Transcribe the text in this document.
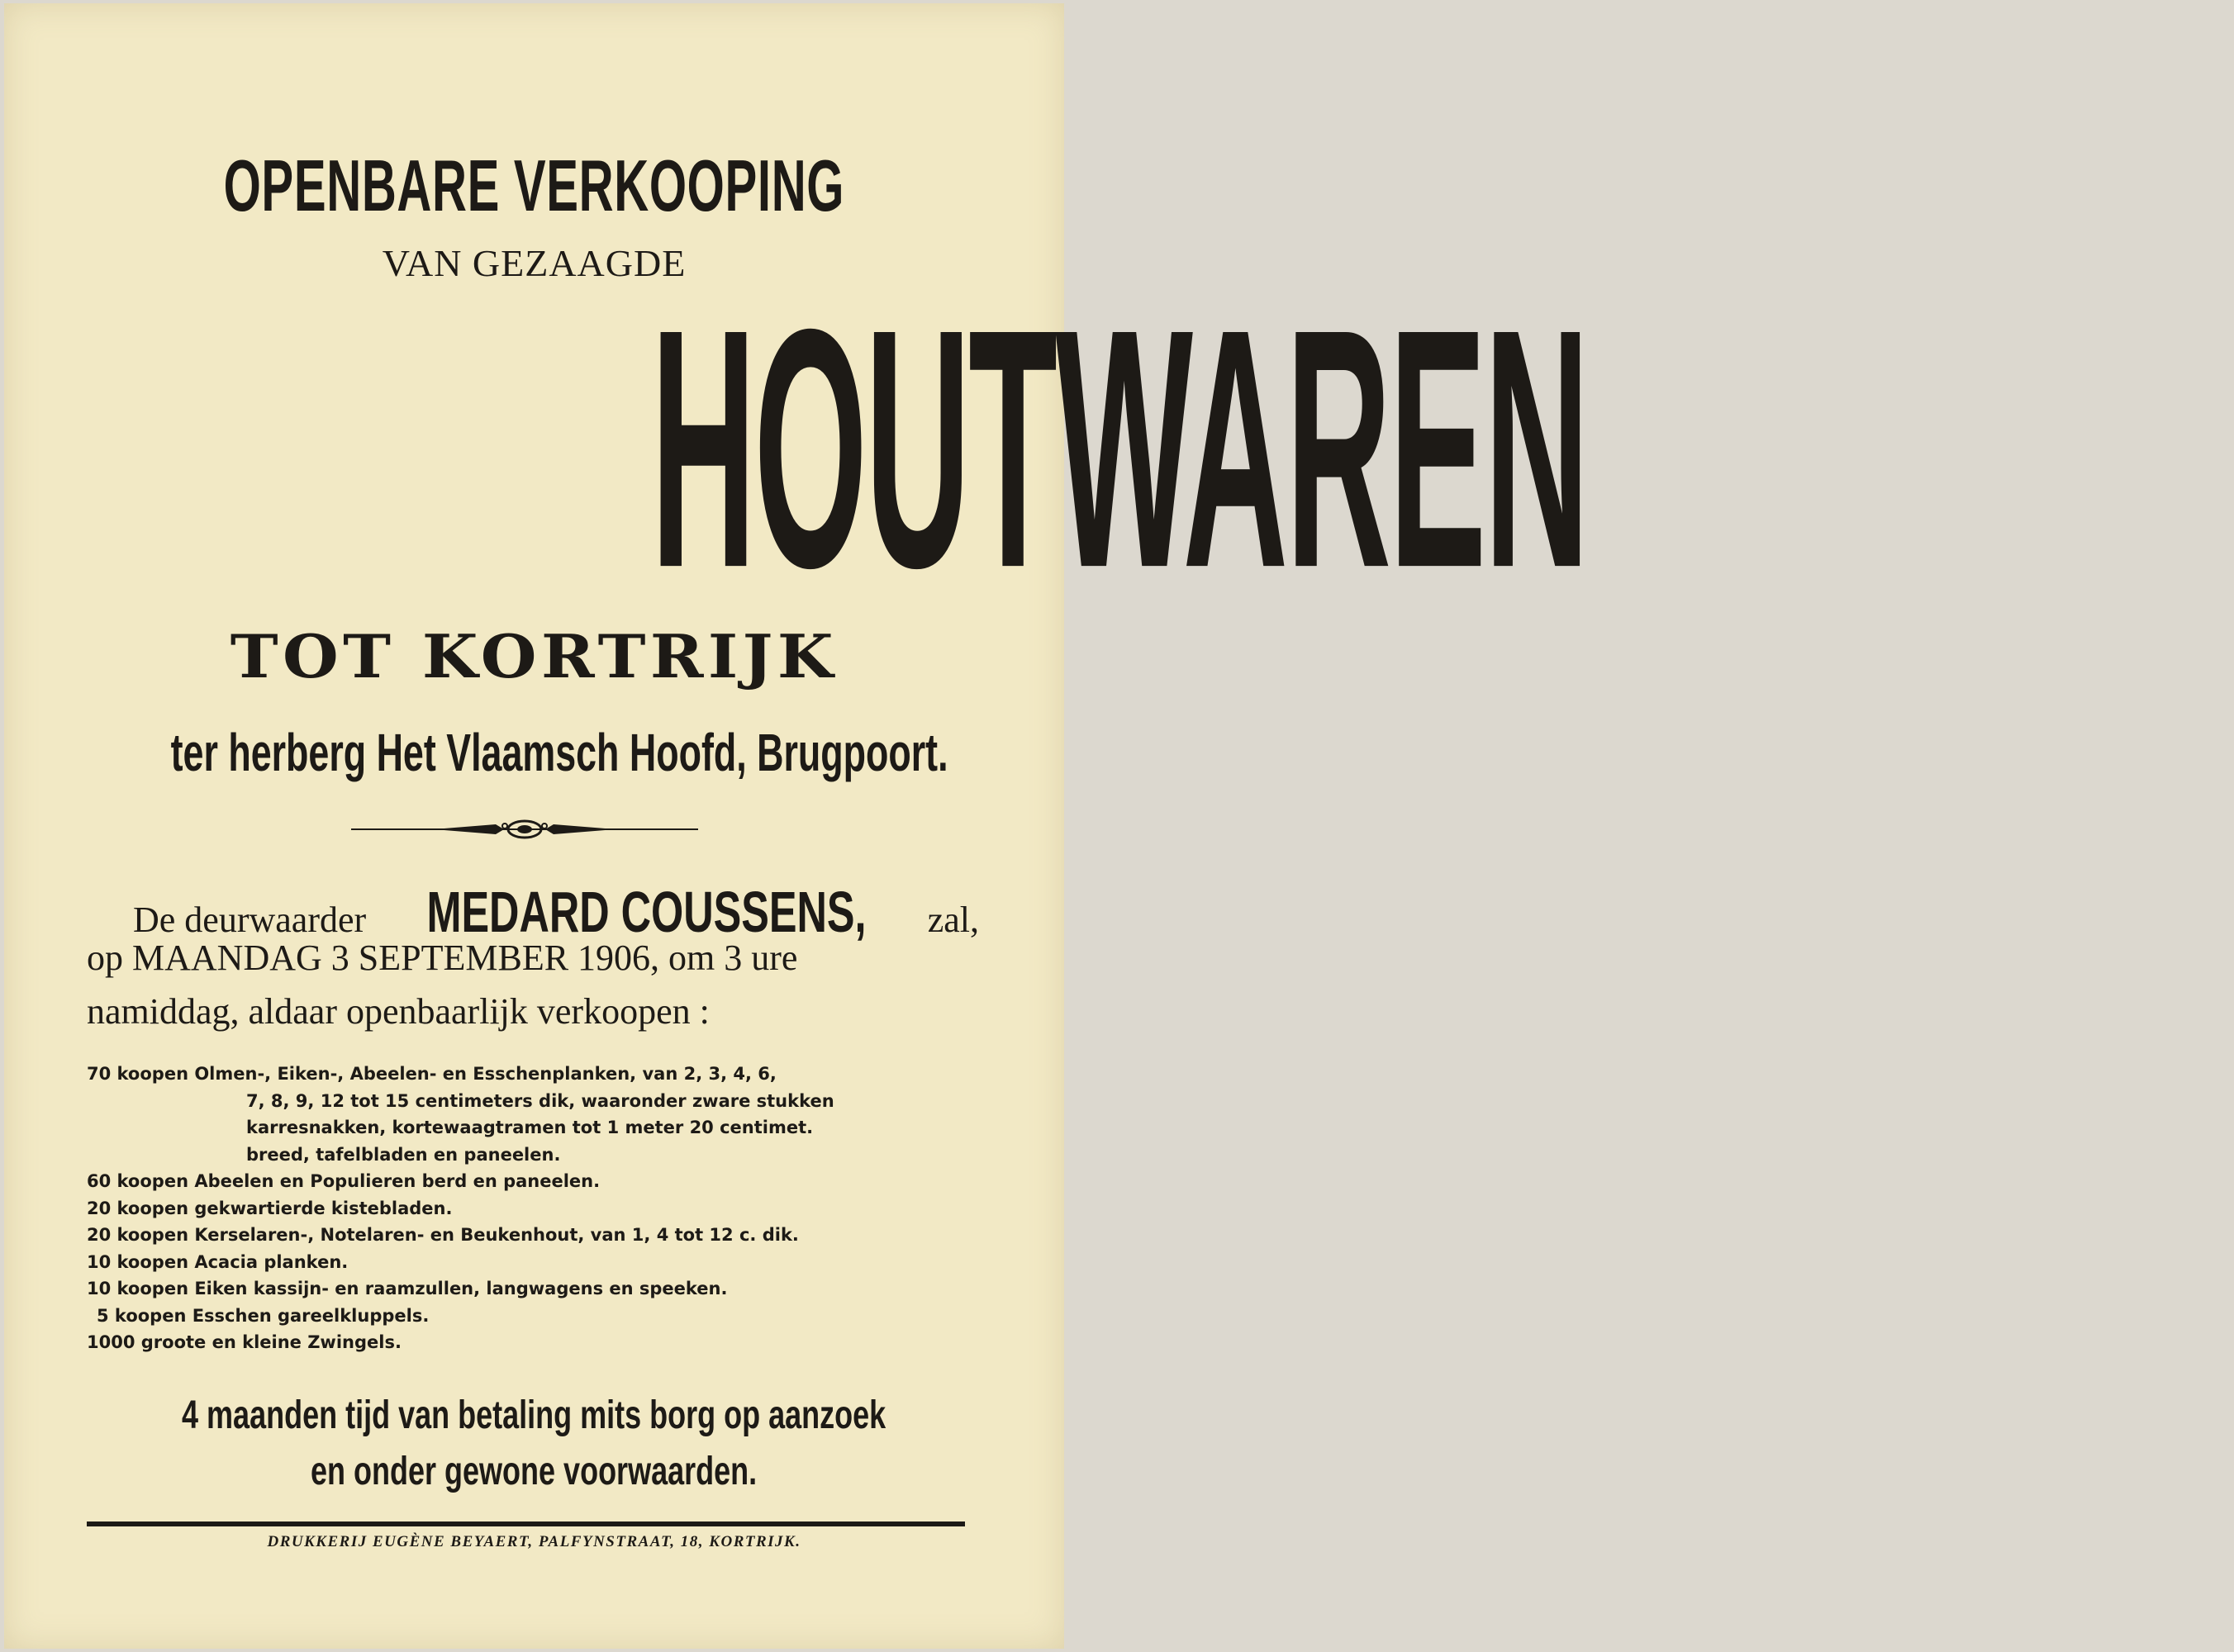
OPENBARE VERKOOPING
VAN GEZAAGDE
HOUTWAREN
TOT KORTRIJK
ter herberg Het Vlaamsch Hoofd, Brugpoort.
De deurwaarder MEDARD COUSSENS, zal,
op MAANDAG 3 SEPTEMBER 1906, om 3 ure
namiddag, aldaar openbaarlijk verkoopen :
70 koopen Olmen-, Eiken-, Abeelen- en Esschenplanken, van 2, 3, 4, 6,
7, 8, 9, 12 tot 15 centimeters dik, waaronder zware stukken
karresnakken, kortewaagtramen tot 1 meter 20 centimet.
breed, tafelbladen en paneelen.
60 koopen Abeelen en Populieren berd en paneelen.
20 koopen gekwartierde kistebladen.
20 koopen Kerselaren-, Notelaren- en Beukenhout, van 1, 4 tot 12 c. dik.
10 koopen Acacia planken.
10 koopen Eiken kassijn- en raamzullen, langwagens en speeken.
5 koopen Esschen gareelkluppels.
1000 groote en kleine Zwingels.
4 maanden tijd van betaling mits borg op aanzoek
en onder gewone voorwaarden.
DRUKKERIJ EUGÈNE BEYAERT, PALFYNSTRAAT, 18, KORTRIJK.
